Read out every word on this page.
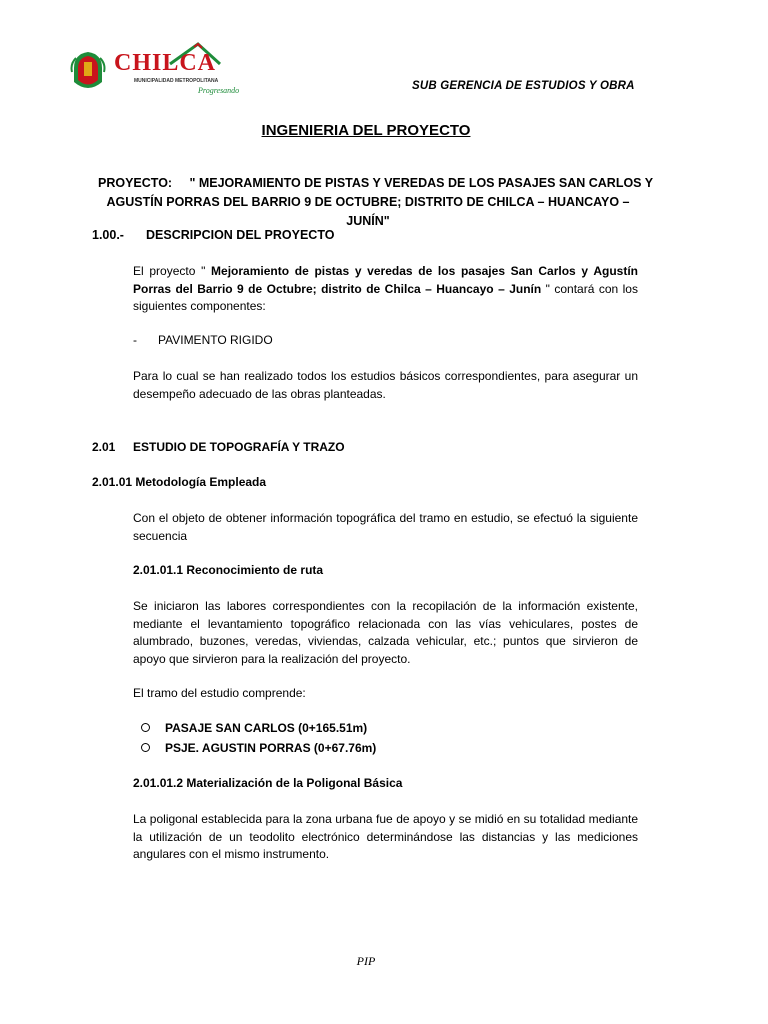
CHILCA
MUNICIPALIDAD METROPOLITANA
Progresando	SUB GERENCIA DE ESTUDIOS Y OBRA
INGENIERIA DEL PROYECTO
PROYECTO:     " MEJORAMIENTO DE PISTAS Y VEREDAS DE LOS PASAJES SAN CARLOS Y
AGUSTÍN PORRAS DEL BARRIO 9 DE OCTUBRE; DISTRITO DE CHILCA – HUANCAYO – JUNÍN"
1.00.- DESCRIPCION DEL PROYECTO
El proyecto " Mejoramiento de pistas y veredas de los pasajes San Carlos y Agustín Porras del Barrio 9 de Octubre; distrito de Chilca – Huancayo – Junín " contará con los siguientes componentes:
- PAVIMENTO RIGIDO
Para lo cual se han realizado todos los estudios básicos correspondientes, para asegurar un desempeño adecuado de las obras planteadas.
2.01 ESTUDIO DE TOPOGRAFÍA Y TRAZO
2.01.01 Metodología Empleada
Con el objeto de obtener información topográfica del tramo en estudio, se efectuó la siguiente secuencia
2.01.01.1 Reconocimiento de ruta
Se iniciaron las labores correspondientes con la recopilación de la información existente, mediante el levantamiento topográfico relacionada con las vías vehiculares, postes de alumbrado, buzones, veredas, viviendas, calzada vehicular, etc.; puntos que sirvieron de apoyo que sirvieron para la realización del proyecto.
El tramo del estudio comprende:
PASAJE SAN CARLOS (0+165.51m)
PSJE. AGUSTIN PORRAS (0+67.76m)
2.01.01.2 Materialización de la Poligonal Básica
La poligonal establecida para la zona urbana fue de apoyo y se midió en su totalidad mediante la utilización de un teodolito electrónico determinándose las distancias y las mediciones angulares con el mismo instrumento.
PIP
